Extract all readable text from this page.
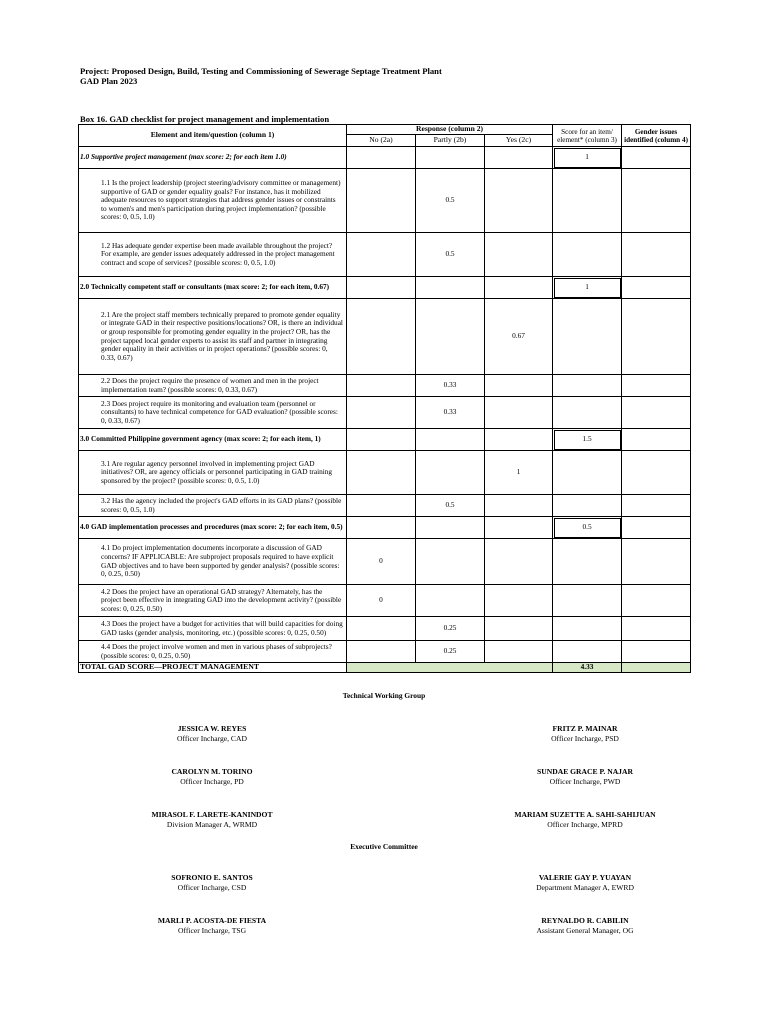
Project: Proposed Design, Build, Testing and Commissioning of Sewerage Septage Treatment Plant
GAD Plan 2023
Box 16. GAD checklist for project management and implementation
Element and item/question (column 1)	Response (column 2)			Score for an item/ element* (column 3)	Gender issues identified (column 4)
	No (2a)	Partly (2b)	Yes (2c)		
1.0 Supportive project management (max score: 2; for each item 1.0)				1	
1.1 Is the project leadership (project steering/advisory committee or management) supportive of GAD or gender equality goals? For instance, has it mobilized adequate resources to support strategies that address gender issues or constraints to women's and men's participation during project implementation? (possible scores: 0, 0.5, 1.0)		0.5			
1.2 Has adequate gender expertise been made available throughout the project? For example, are gender issues adequately addressed in the project management contract and scope of services? (possible scores: 0, 0.5, 1.0)		0.5			
2.0 Technically competent staff or consultants (max score: 2; for each item, 0.67)				1	
2.1 Are the project staff members technically prepared to promote gender equality or integrate GAD in their respective positions/locations? OR, is there an individual or group responsible for promoting gender equality in the project? OR, has the project tapped local gender experts to assist its staff and partner in integrating gender equality in their activities or in project operations? (possible scores: 0, 0.33, 0.67)			0.67		
2.2 Does the project require the presence of women and men in the project implementation team? (possible scores: 0, 0.33, 0.67)		0.33			
2.3 Does project require its monitoring and evaluation team (personnel or consultants) to have technical competence for GAD evaluation? (possible scores: 0, 0.33, 0.67)		0.33			
3.0 Committed Philippine government agency (max score: 2; for each item, 1)				1.5	
3.1 Are regular agency personnel involved in implementing project GAD initiatives? OR, are agency officials or personnel participating in GAD training sponsored by the project? (possible scores: 0, 0.5, 1.0)			1		
3.2 Has the agency included the project's GAD efforts in its GAD plans? (possible scores: 0, 0.5, 1.0)		0.5			
4.0 GAD implementation processes and procedures (max score: 2; for each item, 0.5)				0.5	
4.1 Do project implementation documents incorporate a discussion of GAD concerns? IF APPLICABLE: Are subproject proposals required to have explicit GAD objectives and to have been supported by gender analysis? (possible scores: 0, 0.25, 0.50)	0				
4.2 Does the project have an operational GAD strategy? Alternately, has the project been effective in integrating GAD into the development activity? (possible scores: 0, 0.25, 0.50)	0				
4.3 Does the project have a budget for activities that will build capacities for doing GAD tasks (gender analysis, monitoring, etc.) (possible scores: 0, 0.25, 0.50)		0.25			
4.4 Does the project involve women and men in various phases of subprojects? (possible scores: 0, 0.25, 0.50)		0.25			
TOTAL GAD SCORE—PROJECT MANAGEMENT				4.33	
Technical Working Group
Executive Committee
JESSICA W. REYES
Officer Incharge, CAD
CAROLYN M. TORINO
Officer Incharge, PD
MIRASOL F. LARETE-KANINDOT
Division Manager A, WRMD
FRITZ P. MAINAR
Officer Incharge, PSD
SUNDAE GRACE P. NAJAR
Officer Incharge, PWD
MARIAM SUZETTE A. SAHI-SAHIJUAN
Officer Incharge, MPRD
SOFRONIO E. SANTOS
Officer Incharge, CSD
MARLI P. ACOSTA-DE FIESTA
Officer Incharge, TSG
VALERIE GAY P. YUAYAN
Department Manager A, EWRD
REYNALDO R. CABILIN
Assistant General Manager, OG
